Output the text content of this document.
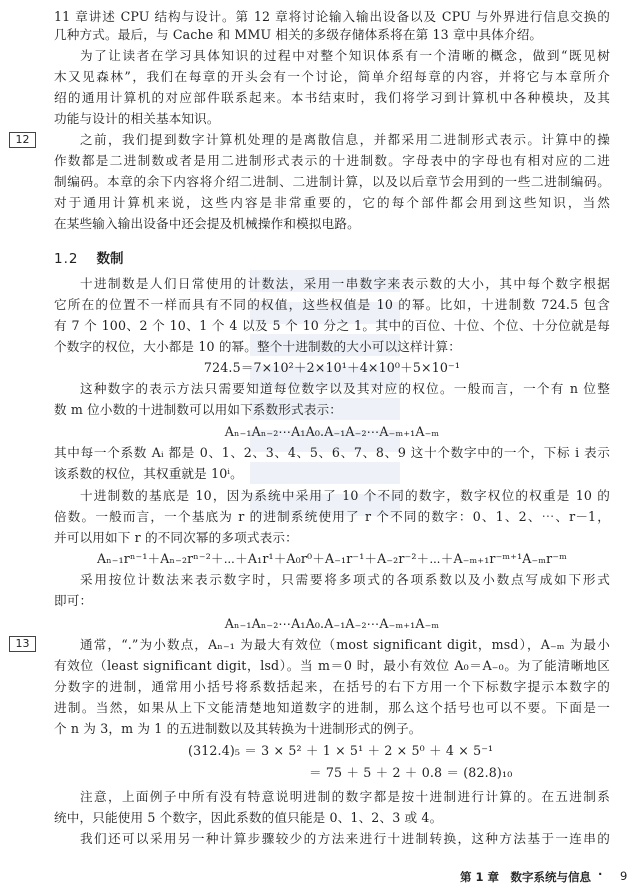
12
13
11 章讲述 CPU 结构与设计。第 12 章将讨论输入输出设备以及 CPU 与外界进行信息交换的
几种方式。最后，与 Cache 和 MMU 相关的多级存储体系将在第 13 章中具体介绍。
为了让读者在学习具体知识的过程中对整个知识体系有一个清晰的概念，做到“既见树
木又见森林”，我们在每章的开头会有一个讨论，简单介绍每章的内容，并将它与本章所介
绍的通用计算机的对应部件联系起来。本书结束时，我们将学习到计算机中各种模块，及其
功能与设计的相关基本知识。
之前，我们提到数字计算机处理的是离散信息，并都采用二进制形式表示。计算中的操
作数都是二进制数或者是用二进制形式表示的十进制数。字母表中的字母也有相对应的二进
制编码。本章的余下内容将介绍二进制、二进制计算，以及以后章节会用到的一些二进制编码。
对于通用计算机来说，这些内容是非常重要的，它的每个部件都会用到这些知识，当然
在某些输入输出设备中还会提及机械操作和模拟电路。
1.2 数制
十进制数是人们日常使用的计数法，采用一串数字来表示数的大小，其中每个数字根据
它所在的位置不一样而具有不同的权值，这些权值是 10 的幂。比如，十进制数 724.5 包含
有 7 个 100、2 个 10、1 个 4 以及 5 个 10 分之 1。其中的百位、十位、个位、十分位就是每
个数字的权位，大小都是 10 的幂。整个十进制数的大小可以这样计算：
724.5＝7×10²＋2×10¹＋4×10⁰＋5×10⁻¹
这种数字的表示方法只需要知道每位数字以及其对应的权位。一般而言，一个有 n 位整
数 m 位小数的十进制数可以用如下系数形式表示：
Aₙ₋₁Aₙ₋₂⋯A₁A₀.A₋₁A₋₂⋯A₋ₘ₊₁A₋ₘ
其中每一个系数 Aᵢ 都是 0、1、2、3、4、5、6、7、8、9 这十个数字中的一个，下标 i 表示
该系数的权位，其权重就是 10ⁱ。
十进制数的基底是 10，因为系统中采用了 10 个不同的数字，数字权位的权重是 10 的
倍数。一般而言，一个基底为 r 的进制系统使用了 r 个不同的数字：0、1、2、⋯、r－1，
并可以用如下 r 的不同次幂的多项式表示：
Aₙ₋₁rⁿ⁻¹＋Aₙ₋₂rⁿ⁻²＋⋯＋A₁r¹＋A₀r⁰＋A₋₁r⁻¹＋A₋₂r⁻²＋⋯＋A₋ₘ₊₁r⁻ᵐ⁺¹A₋ₘr⁻ᵐ
采用按位计数法来表示数字时，只需要将多项式的各项系数以及小数点写成如下形式
即可：
Aₙ₋₁Aₙ₋₂⋯A₁A₀.A₋₁A₋₂⋯A₋ₘ₊₁A₋ₘ
通常，“.”为小数点，Aₙ₋₁ 为最大有效位（most significant digit，msd），A₋ₘ 为最小
有效位（least significant digit，lsd）。当 m＝0 时，最小有效位 A₀＝A₋₀。为了能清晰地区
分数字的进制，通常用小括号将系数括起来，在括号的右下方用一个下标数字提示本数字的
进制。当然，如果从上下文能清楚地知道数字的进制，那么这个括号也可以不要。下面是一
个 n 为 3，m 为 1 的五进制数以及其转换为十进制形式的例子。
(312.4)₅ ＝ 3 × 5² ＋ 1 × 5¹ ＋ 2 × 5⁰ ＋ 4 × 5⁻¹
＝ 75 ＋ 5 ＋ 2 ＋ 0.8 ＝ (82.8)₁₀
注意，上面例子中所有没有特意说明进制的数字都是按十进制进行计算的。在五进制系
统中，只能使用 5 个数字，因此系数的值只能是 0、1、2、3 或 4。
我们还可以采用另一种计算步骤较少的方法来进行十进制转换，这种方法基于一连串的
第 1 章　数字系统与信息 · 9
